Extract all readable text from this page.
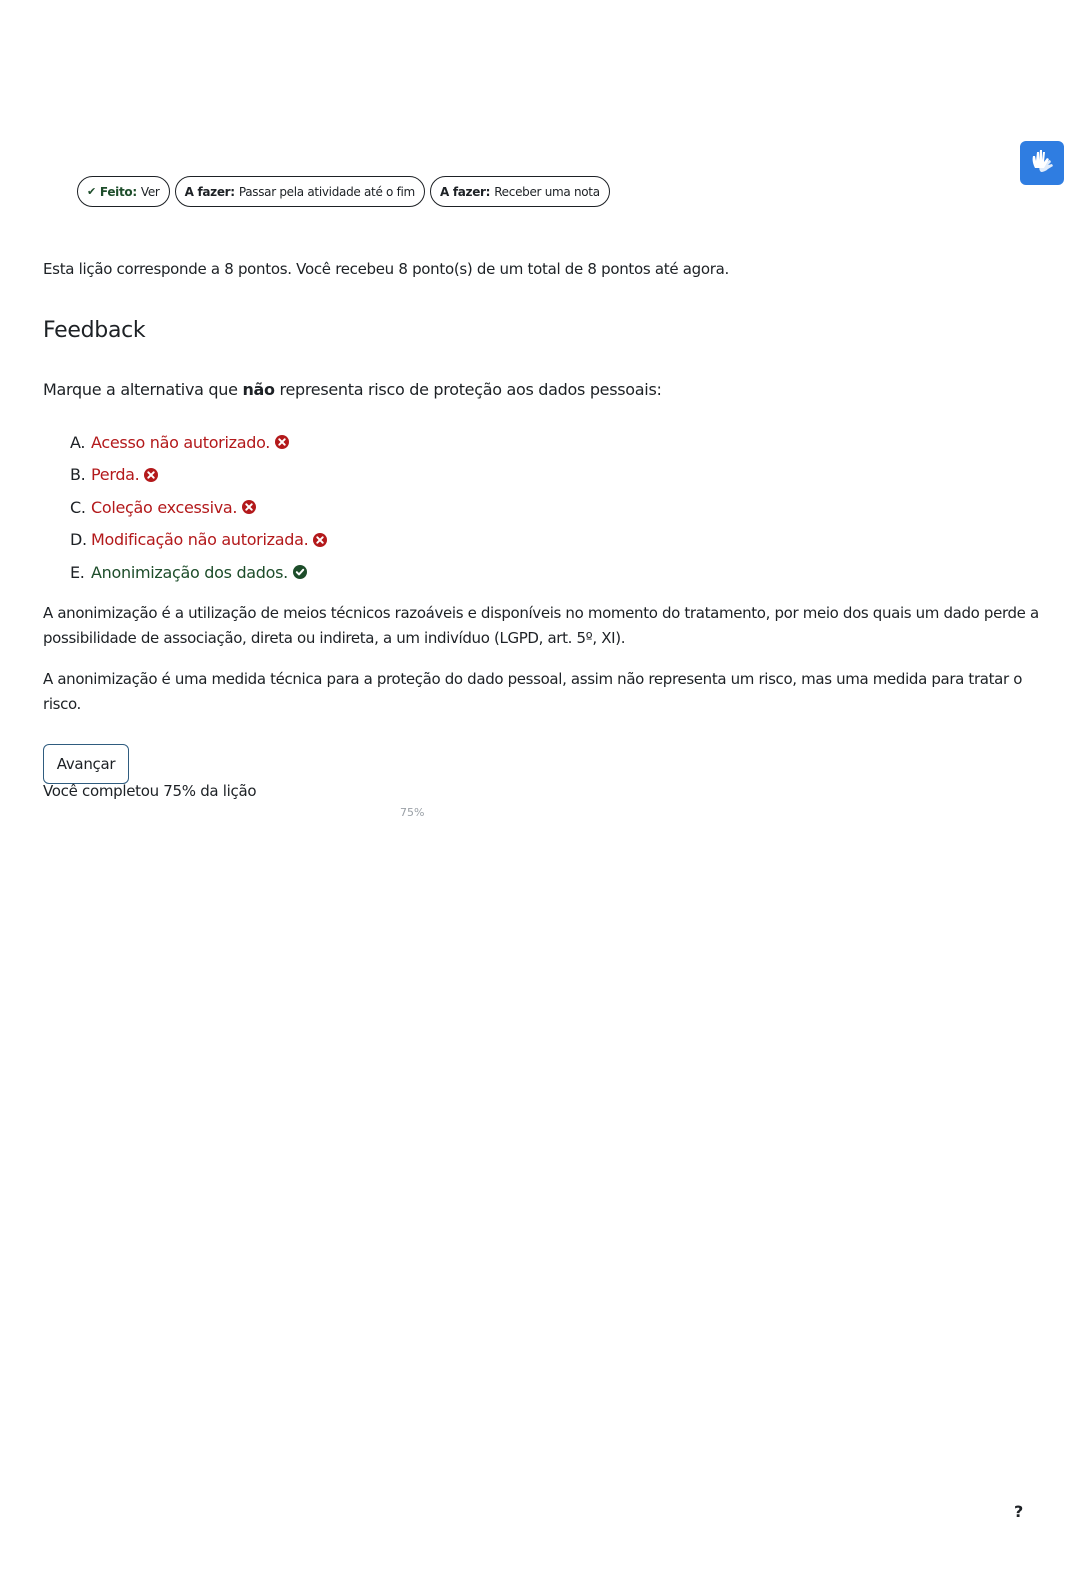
✔ Feito: Ver A fazer: Passar pela atividade até o fim A fazer: Receber uma nota

Esta lição corresponde a 8 pontos. Você recebeu 8 ponto(s) de um total de 8 pontos até agora.

Feedback

Marque a alternativa que não representa risco de proteção aos dados pessoais:

A. Acesso não autorizado.
B. Perda.
C. Coleção excessiva.
D. Modificação não autorizada.
E. Anonimização dos dados.

A anonimização é a utilização de meios técnicos razoáveis e disponíveis no momento do tratamento, por meio dos quais um dado perde a possibilidade de associação, direta ou indireta, a um indivíduo (LGPD, art. 5º, XI).

A anonimização é uma medida técnica para a proteção do dado pessoal, assim não representa um risco, mas uma medida para tratar o risco.

Avançar

Você completou 75% da lição

75%
?
